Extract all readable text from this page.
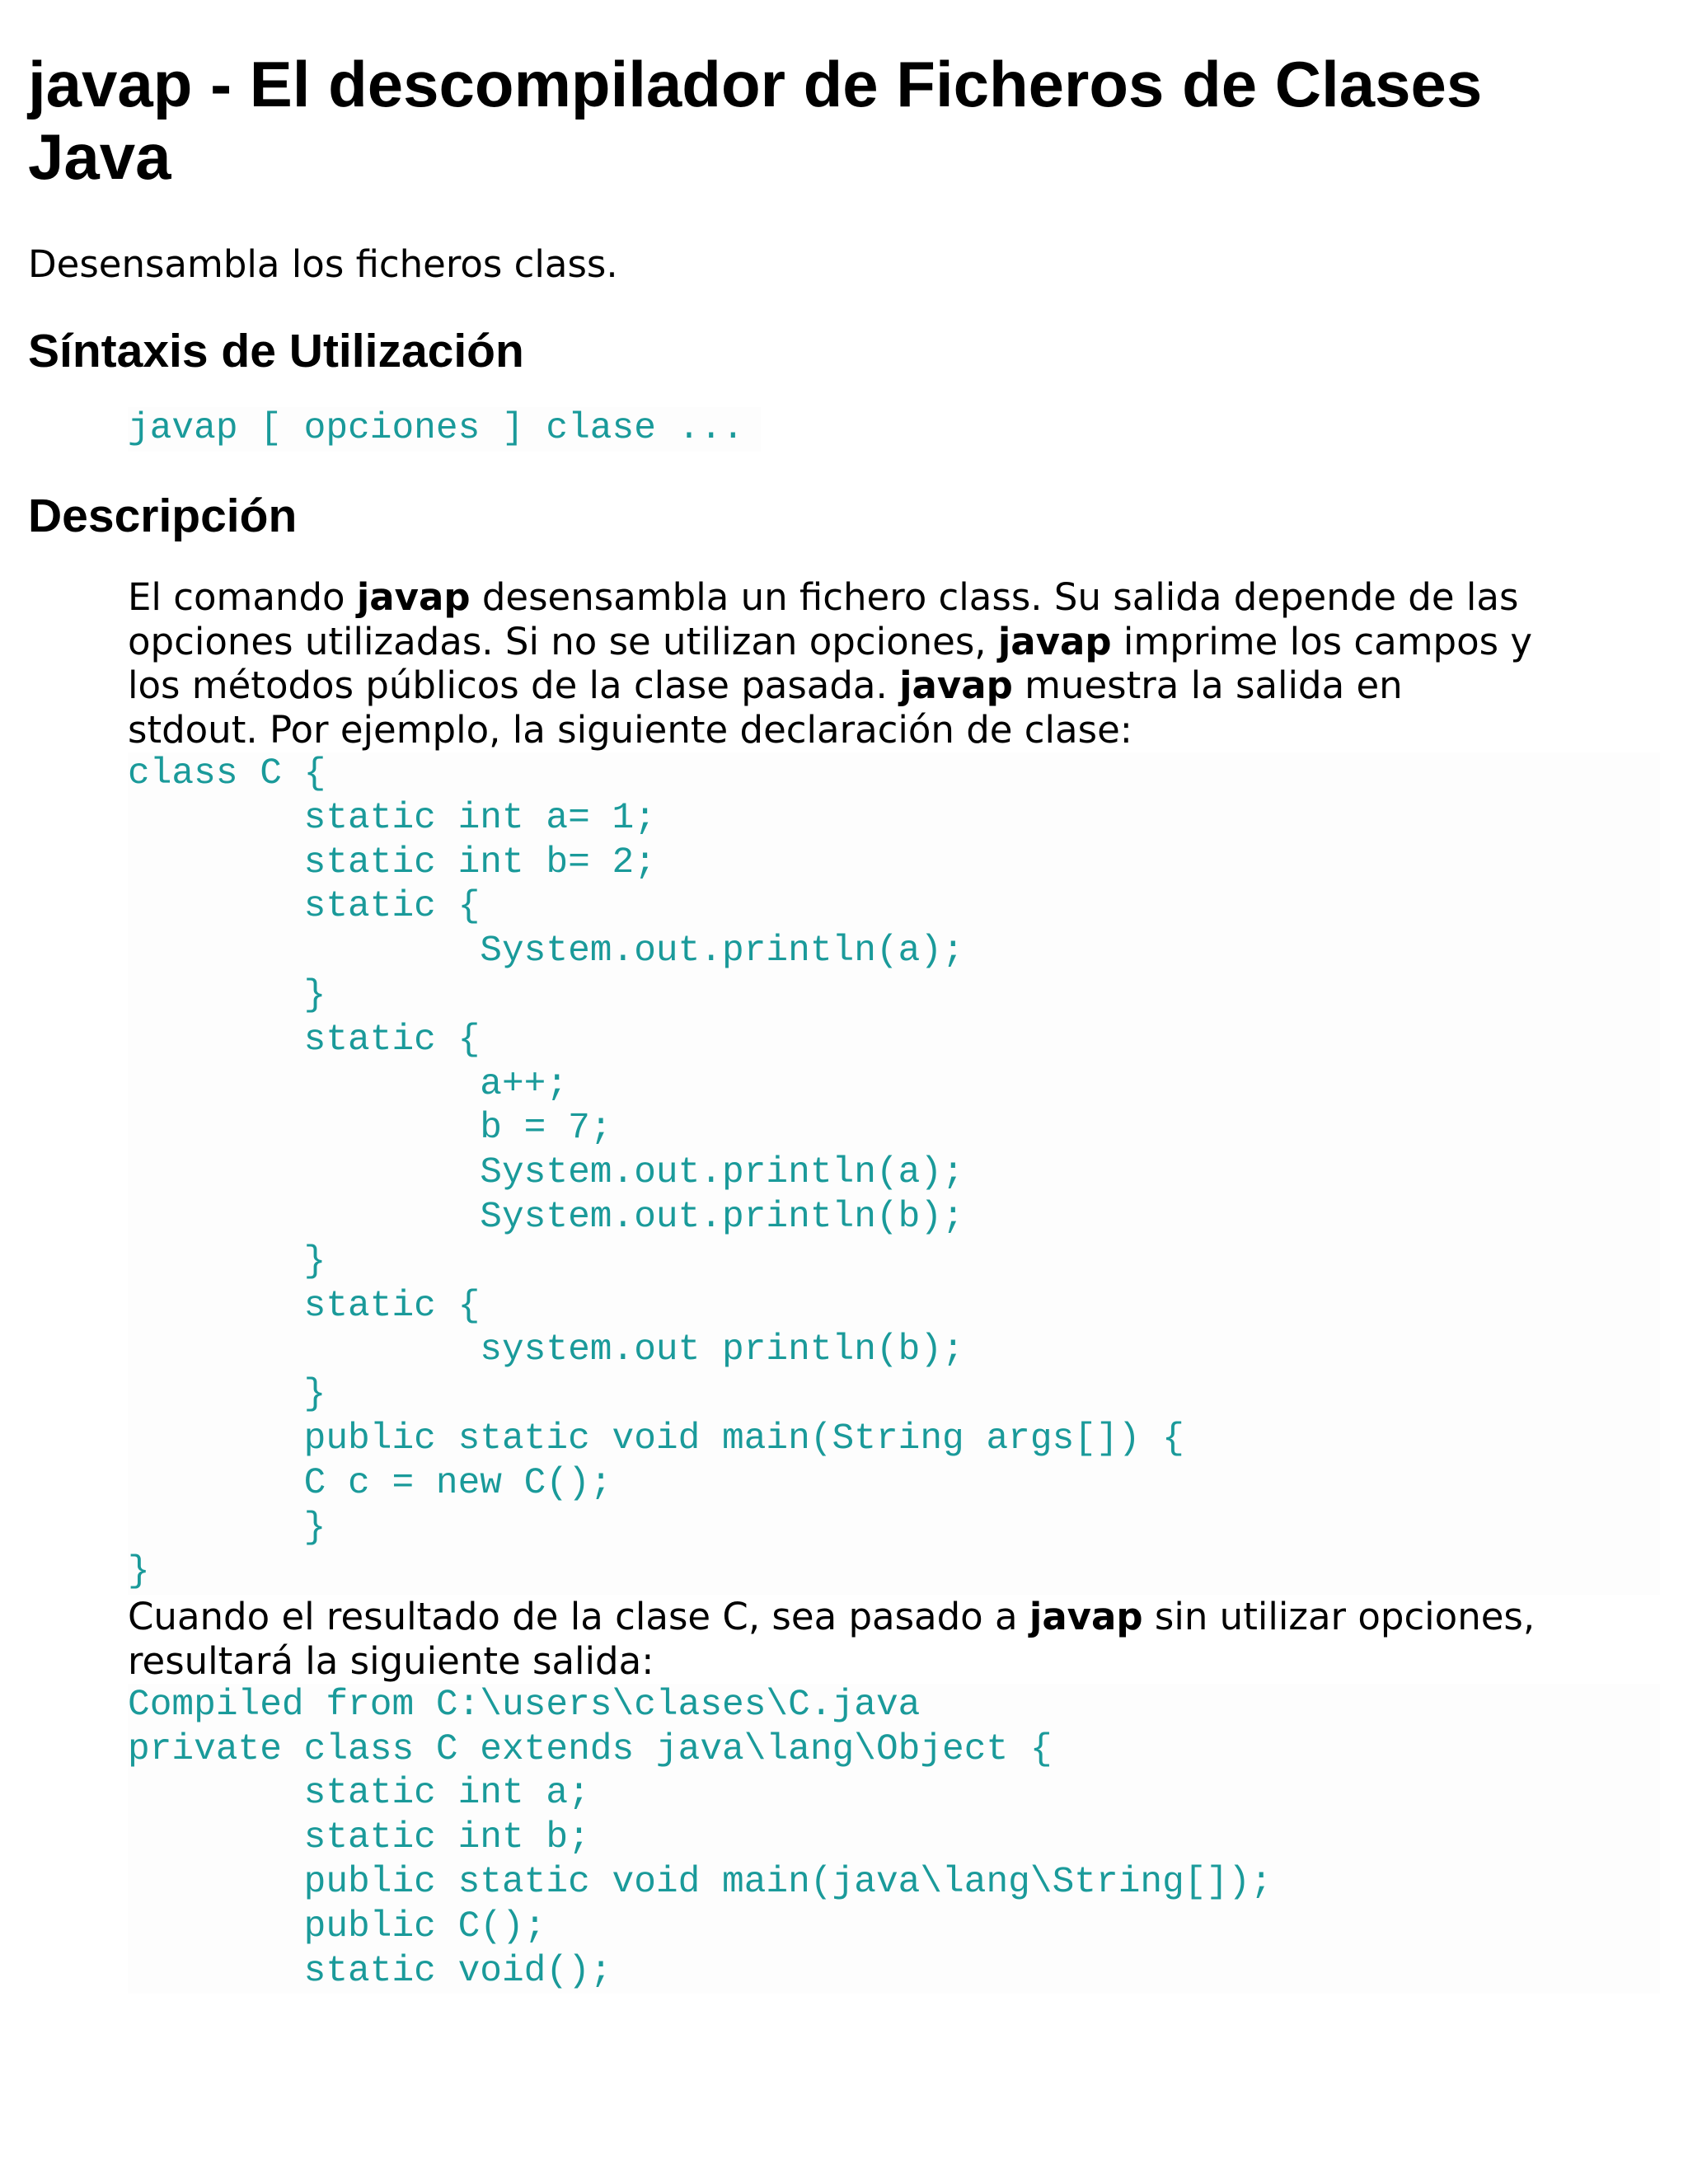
javap - El descompilador de Ficheros de Clases Java

Desensambla los ficheros class.

Síntaxis de Utilización
javap [ opciones ] clase ...
Descripción

El comando javap desensambla un fichero class. Su salida depende de las opciones utilizadas. Si no se utilizan opciones, javap imprime los campos y los métodos públicos de la clase pasada. javap muestra la salida en stdout. Por ejemplo, la siguiente declaración de clase:

class C {
static int a= 1;
static int b= 2;
static {
System.out.println(a);
}
static {
a++;
b = 7;
System.out.println(a);
System.out.println(b);
}
static {
system.out println(b);
}
public static void main(String args[]) {
C c = new C();
}
}

Cuando el resultado de la clase C, sea pasado a javap sin utilizar opciones, resultará la siguiente salida:

Compiled from C:\users\clases\C.java
private class C extends java\lang\Object {
static int a;
static int b;
public static void main(java\lang\String[]);
public C();
static void();
